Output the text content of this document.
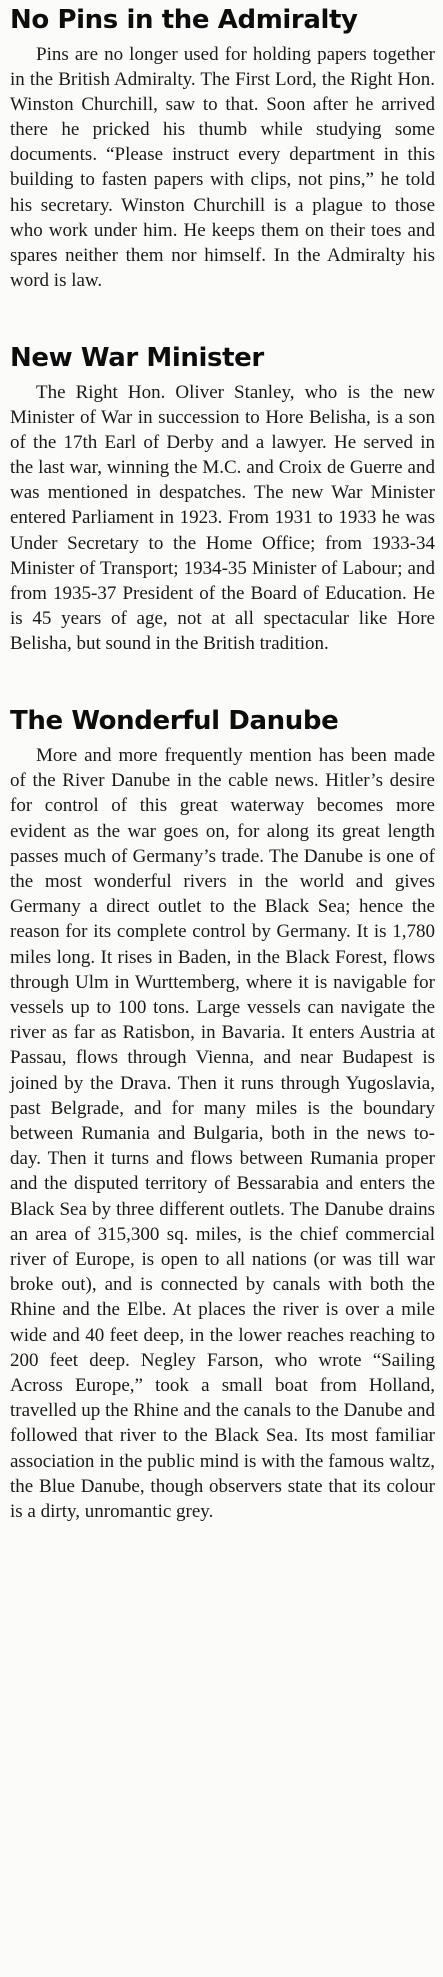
No Pins in the Admiralty

Pins are no longer used for holding papers together in the British Admiralty. The First Lord, the Right Hon. Winston Churchill, saw to that. Soon after he arrived there he pricked his thumb while studying some documents. “Please instruct every department in this building to fasten papers with clips, not pins,” he told his secretary. Winston Churchill is a plague to those who work under him. He keeps them on their toes and spares neither them nor himself. In the Admiralty his word is law.

New War Minister

The Right Hon. Oliver Stanley, who is the new Minister of War in succession to Hore Belisha, is a son of the 17th Earl of Derby and a lawyer. He served in the last war, winning the M.C. and Croix de Guerre and was mentioned in despatches. The new War Minister entered Parliament in 1923. From 1931 to 1933 he was Under Secretary to the Home Office; from 1933-34 Minister of Transport; 1934-35 Minister of Labour; and from 1935-37 President of the Board of Education. He is 45 years of age, not at all spectacular like Hore Belisha, but sound in the British tradition.

The Wonderful Danube

More and more frequently mention has been made of the River Danube in the cable news. Hitler’s desire for control of this great waterway becomes more evident as the war goes on, for along its great length passes much of Germany’s trade. The Danube is one of the most wonderful rivers in the world and gives Germany a direct outlet to the Black Sea; hence the reason for its complete control by Germany. It is 1,780 miles long. It rises in Baden, in the Black Forest, flows through Ulm in Wurttemberg, where it is navigable for vessels up to 100 tons. Large vessels can navigate the river as far as Ratisbon, in Bavaria. It enters Austria at Passau, flows through Vienna, and near Budapest is joined by the Drava. Then it runs through Yugoslavia, past Belgrade, and for many miles is the boundary between Rumania and Bulgaria, both in the news to-day. Then it turns and flows between Rumania proper and the disputed territory of Bessarabia and enters the Black Sea by three different outlets. The Danube drains an area of 315,300 sq. miles, is the chief commercial river of Europe, is open to all nations (or was till war broke out), and is connected by canals with both the Rhine and the Elbe. At places the river is over a mile wide and 40 feet deep, in the lower reaches reaching to 200 feet deep. Negley Farson, who wrote “Sailing Across Europe,” took a small boat from Holland, travelled up the Rhine and the canals to the Danube and followed that river to the Black Sea. Its most familiar association in the public mind is with the famous waltz, the Blue Danube, though observers state that its colour is a dirty, unromantic grey.
